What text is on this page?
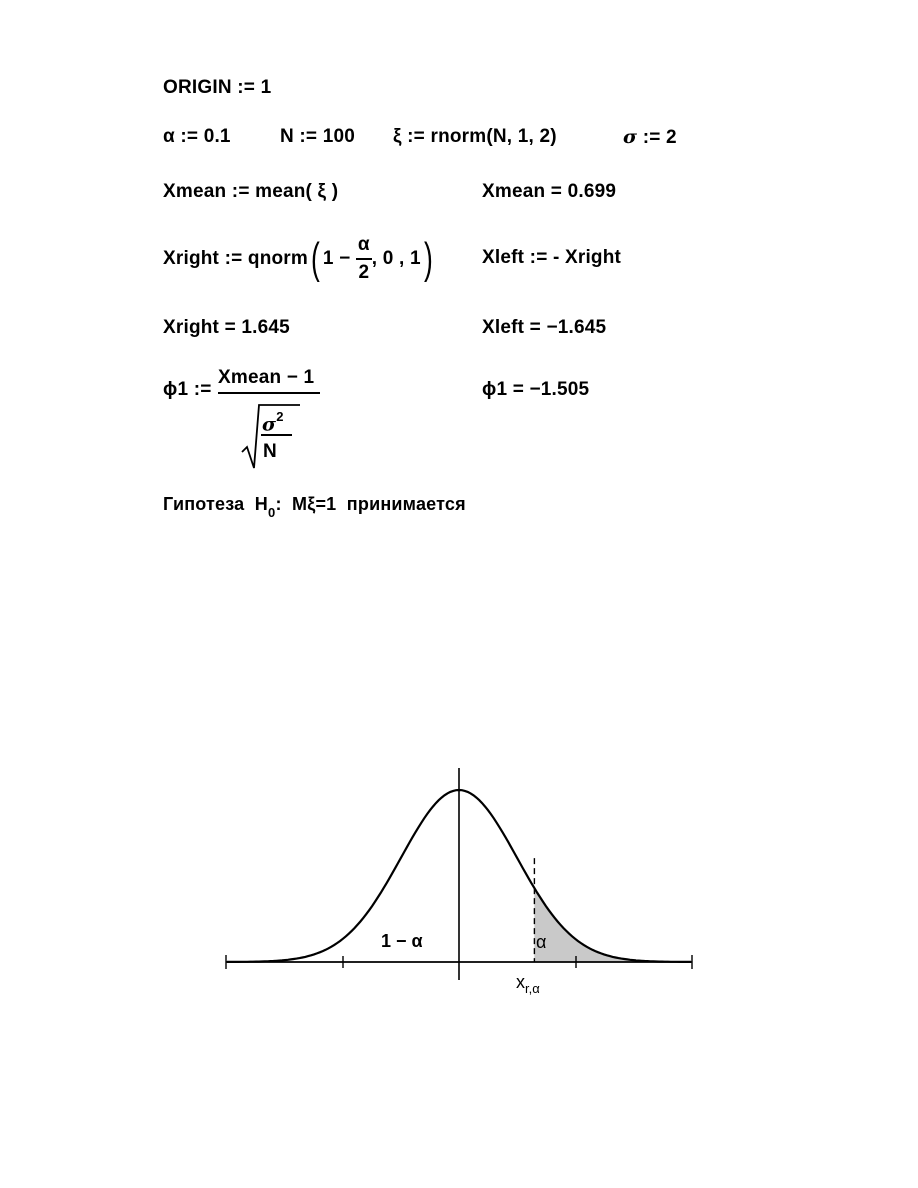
ORIGIN := 1
α := 0.1	N := 100 ξ := rnorm(N, 1, 2)	σ := 2
Xmean := mean( ξ )	Xmean = 0.699
Xright
:=
qnorm ( 1 −
$\frac{\alpha}{2}$ , 0 , 1 )	Xleft := - Xright
Xright = 1.645	Xleft = −1.645
ϕ1 :=
Xmean − 1
$\sigma^2$
N
ϕ1 = −1.505
Гипотеза $H_0$: Mξ=1 принимается
1 − α	α
$x_{r,\alpha}$
